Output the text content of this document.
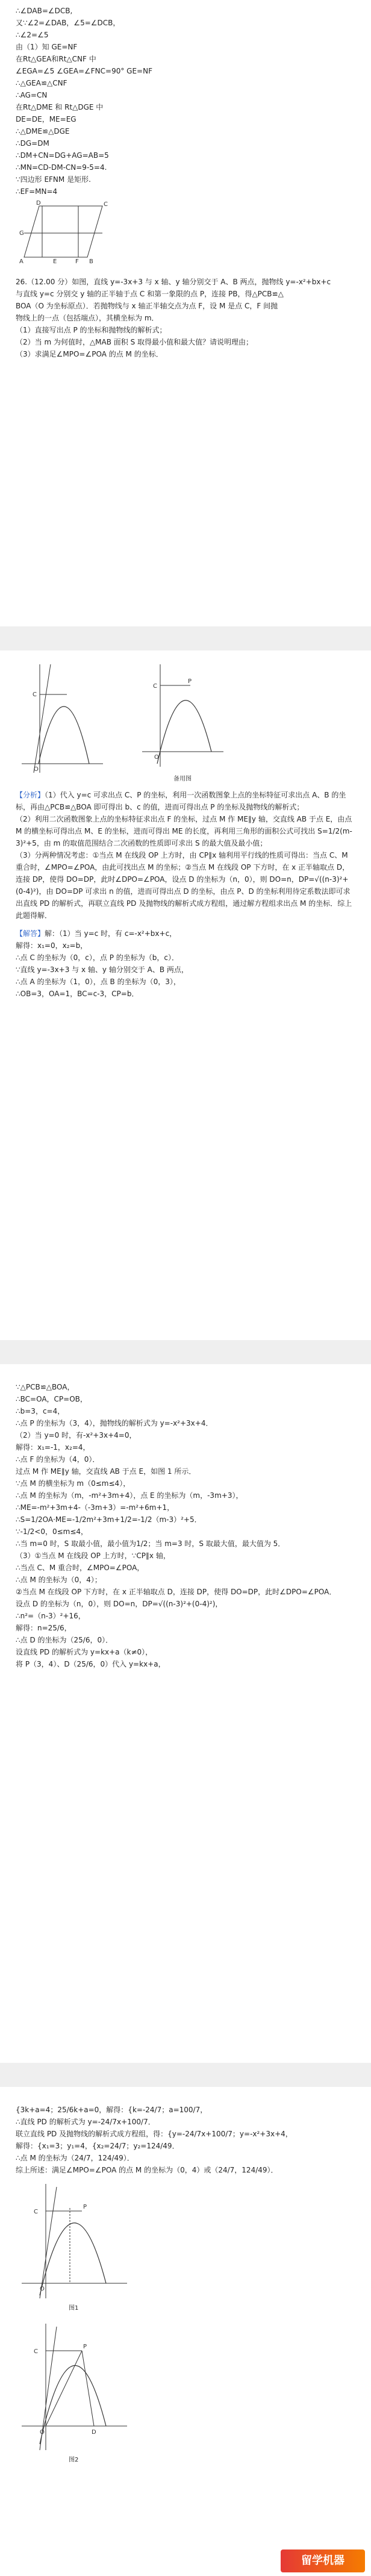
∴∠DAB=∠DCB,
又∵∠2=∠DAB，∠5=∠DCB，
∴∠2=∠5
由（1）知 GE=NF
在Rt△GEA和Rt△CNF 中
∠EGA=∠5 ∠GEA=∠FNC=90° GE=NF
∴△GEA≌△CNF
∴AG=CN
在Rt△DME 和 Rt△DGE 中
DE=DE，ME=EG
∴△DME≌△DGE
∴DG=DM
∴DM+CN=DG+AG=AB=5
∴MN=CD-DM-CN=9-5=4.
∵四边形 EFNM 是矩形.
∴EF=MN=4
G
D	C
A	B
E	F
26.（12.00 分）如图，直线 y=-3x+3 与 x 轴、y 轴分别交于 A、B 两点，抛物线 y=-x²+bx+c
与直线 y=c 分别交 y 轴的正半轴于点 C 和第一象限的点 P，连接 PB，得△PCB≌△
BOA（O 为坐标原点）．若抛物线与 x 轴正半轴交点为点 F，设 M 是点 C，F 间抛
物线上的一点（包括端点），其横坐标为 m．
（1）直接写出点 P 的坐标和抛物线的解析式；
（2）当 m 为何值时，△MAB 面积 S 取得最小值和最大值？请说明理由；
（3）求满足∠MPO=∠POA 的点 M 的坐标．
O
C
O
C
P
备用图
【分析】（1）代入 y=c 可求出点 C、P 的坐标，利用一次函数图象上点的坐标特征可求出点 A、B 的坐标，再由△PCB≌△BOA 即可得出 b、c 的值，进而可得出点 P 的坐标及抛物线的解析式；
（2）利用二次函数图象上点的坐标特征求出点 F 的坐标，过点 M 作 ME∥y 轴，交直线 AB 于点 E，由点 M 的横坐标可得出点 M、E 的坐标，进而可得出 ME 的长度，再利用三角形的面积公式可找出 S=1/2(m-3)²+5，由 m 的取值范围结合二次函数的性质即可求出 S 的最大值及最小值；
（3）分两种情况考虑：①当点 M 在线段 OP 上方时，由 CP∥x 轴利用平行线的性质可得出：当点 C、M 重合时，∠MPO=∠POA，由此可找出点 M 的坐标；②当点 M 在线段 OP 下方时，在 x 正半轴取点 D，连接 DP，使得 DO=DP，此时∠DPO=∠POA，设点 D 的坐标为（n，0），则 DO=n，DP=√((n-3)²+(0-4)²)，由 DO=DP 可求出 n 的值，进而可得出点 D 的坐标，由点 P、D 的坐标利用待定系数法即可求出直线 PD 的解析式，再联立直线 PD 及抛物线的解析式成方程组，通过解方程组求出点 M 的坐标．综上此题得解．
【解答】解：（1）当 y=c 时，有 c=-x²+bx+c，
解得：x₁=0，x₂=b，
∴点 C 的坐标为（0，c），点 P 的坐标为（b，c）．
∵直线 y=-3x+3 与 x 轴、y 轴分别交于 A、B 两点，
∴点 A 的坐标为（1，0），点 B 的坐标为（0，3），
∴OB=3，OA=1，BC=c-3，CP=b．
∵△PCB≌△BOA，
∴BC=OA，CP=OB，
∴b=3，c=4，
∴点 P 的坐标为（3，4），抛物线的解析式为 y=-x²+3x+4．
（2）当 y=0 时，有-x²+3x+4=0，
解得：x₁=-1，x₂=4，
∴点 F 的坐标为（4，0）．
过点 M 作 ME∥y 轴，交直线 AB 于点 E，如图 1 所示．
∵点 M 的横坐标为 m（0≤m≤4），
∴点 M 的坐标为（m，-m²+3m+4），点 E 的坐标为（m，-3m+3），
∴ME=-m²+3m+4-（-3m+3）=-m²+6m+1，
∴S=1/2OA·ME=-1/2m²+3m+1/2=-1/2（m-3）²+5．
∵-1/2<0，0≤m≤4，
∴当 m=0 时，S 取最小值，最小值为1/2；当 m=3 时，S 取最大值，最大值为 5．
（3）①当点 M 在线段 OP 上方时，∵CP∥x 轴，
∴当点 C、M 重合时，∠MPO=∠POA，
∴点 M 的坐标为（0，4）；
②当点 M 在线段 OP 下方时，在 x 正半轴取点 D，连接 DP，使得 DO=DP，此时∠DPO=∠POA．
设点 D 的坐标为（n，0），则 DO=n，DP=√((n-3)²+(0-4)²)，
∴n²=（n-3）²+16，
解得：n=25/6，
∴点 D 的坐标为（25/6，0）．
设直线 PD 的解析式为 y=kx+a（k≠0），
将 P（3，4）、D（25/6，0）代入 y=kx+a，
{3k+a=4；25/6k+a=0，解得：{k=-24/7；a=100/7，
∴直线 PD 的解析式为 y=-24/7x+100/7．
联立直线 PD 及抛物线的解析式成方程组，得：{y=-24/7x+100/7；y=-x²+3x+4，
解得：{x₁=3；y₁=4，{x₂=24/7；y₂=124/49．
∴点 M 的坐标为（24/7，124/49）．
综上所述：满足∠MPO=∠POA 的点 M 的坐标为（0，4）或（24/7，124/49）．
C
P
O
图1
C
P
O	D
图2
留学机器
